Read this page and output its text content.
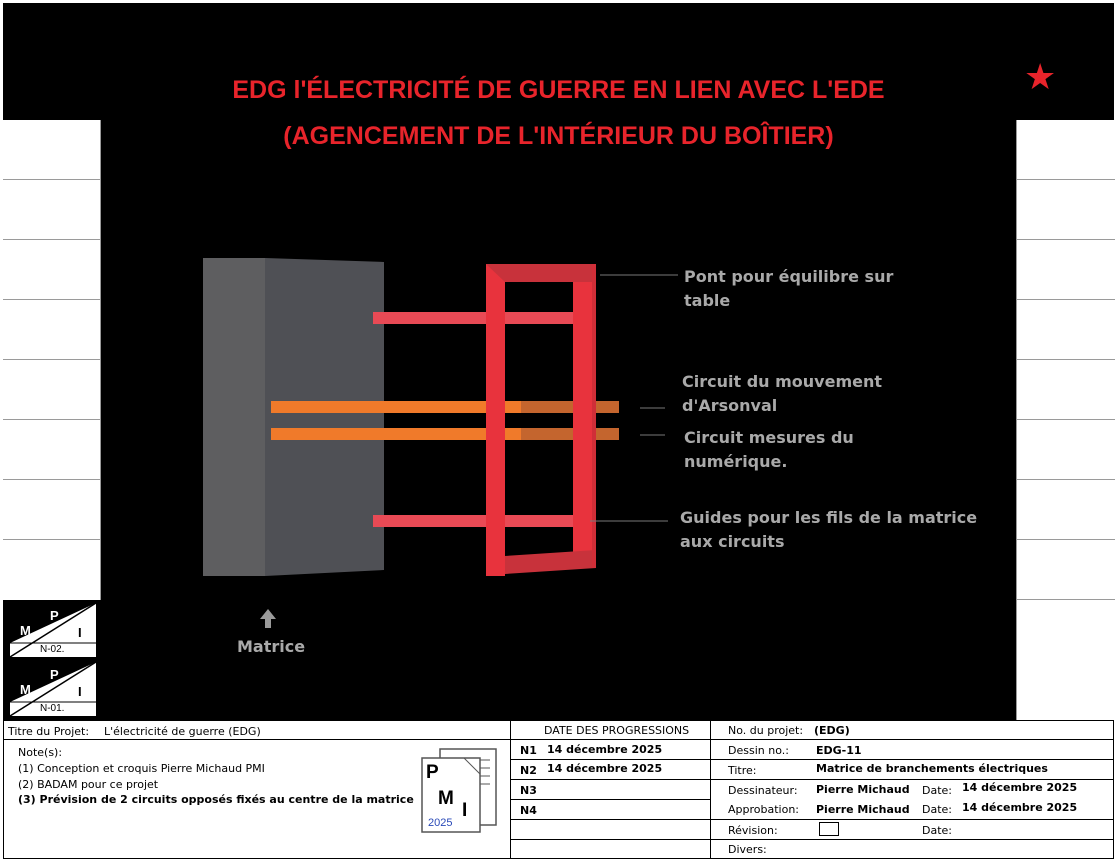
EDG l'ÉLECTRICITÉ DE GUERRE EN LIEN AVEC L'EDE
(AGENCEMENT DE L'INTÉRIEUR DU BOÎTIER)
★
Pont pour équilibre sur
table
Circuit du mouvement
d'Arsonval
Circuit mesures du
numérique.
Guides pour les fils de la matrice
aux circuits
Matrice
M
P
I
N-02.
M
P
I
N-01.
Titre du Projet: L'électricité de guerre (EDG)
Note(s):
(1) Conception et croquis Pierre Michaud PMI
(2) BADAM pour ce projet
(3) Prévision de 2 circuits opposés fixés au centre de la matrice
P
M
I
2025
DATE DES PROGRESSIONS
N1 14 décembre 2025
N2 14 décembre 2025
N3
N4
No. du projet: (EDG)
Dessin no.: EDG-11
Titre:	Matrice de branchements électriques
Dessinateur: Pierre Michaud Date: 14 décembre 2025
Approbation: Pierre Michaud Date: 14 décembre 2025
Révision:	Date:
Divers:
